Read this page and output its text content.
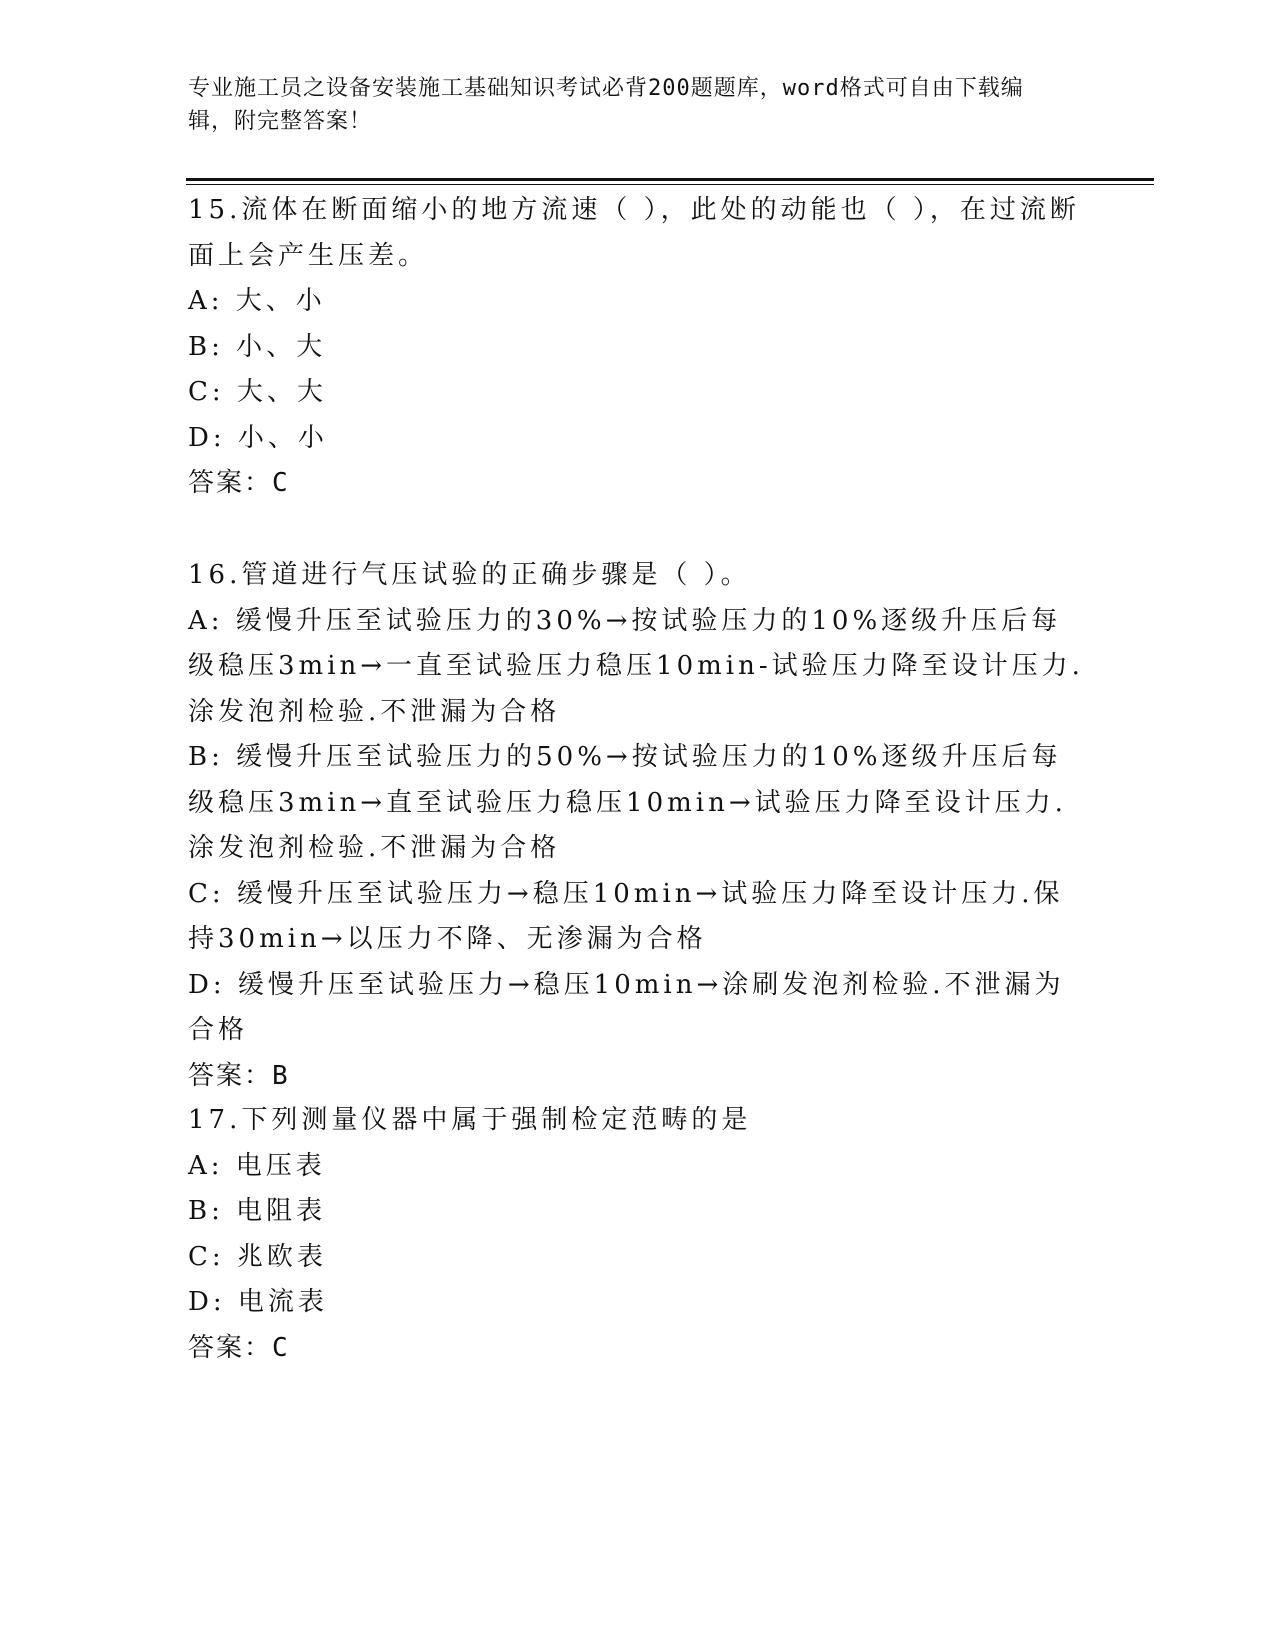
专业施工员之设备安装施工基础知识考试必背200题题库，word格式可自由下载编辑，附完整答案！

15.流体在断面缩小的地方流速（ ），此处的动能也（ ），在过流断面上会产生压差。

A: 大、小

B: 小、大

C: 大、大

D: 小、小

答案：C

16.管道进行气压试验的正确步骤是（ ）。

A: 缓慢升压至试验压力的30%→按试验压力的10%逐级升压后每级稳压3min→一直至试验压力稳压10min-试验压力降至设计压力.涂发泡剂检验.不泄漏为合格

B: 缓慢升压至试验压力的50%→按试验压力的10%逐级升压后每级稳压3min→直至试验压力稳压10min→试验压力降至设计压力.涂发泡剂检验.不泄漏为合格

C: 缓慢升压至试验压力→稳压10min→试验压力降至设计压力.保持30min→以压力不降、无渗漏为合格

D: 缓慢升压至试验压力→稳压10min→涂刷发泡剂检验.不泄漏为合格

答案：B

17.下列测量仪器中属于强制检定范畴的是

A: 电压表

B: 电阻表

C: 兆欧表

D: 电流表

答案：C
